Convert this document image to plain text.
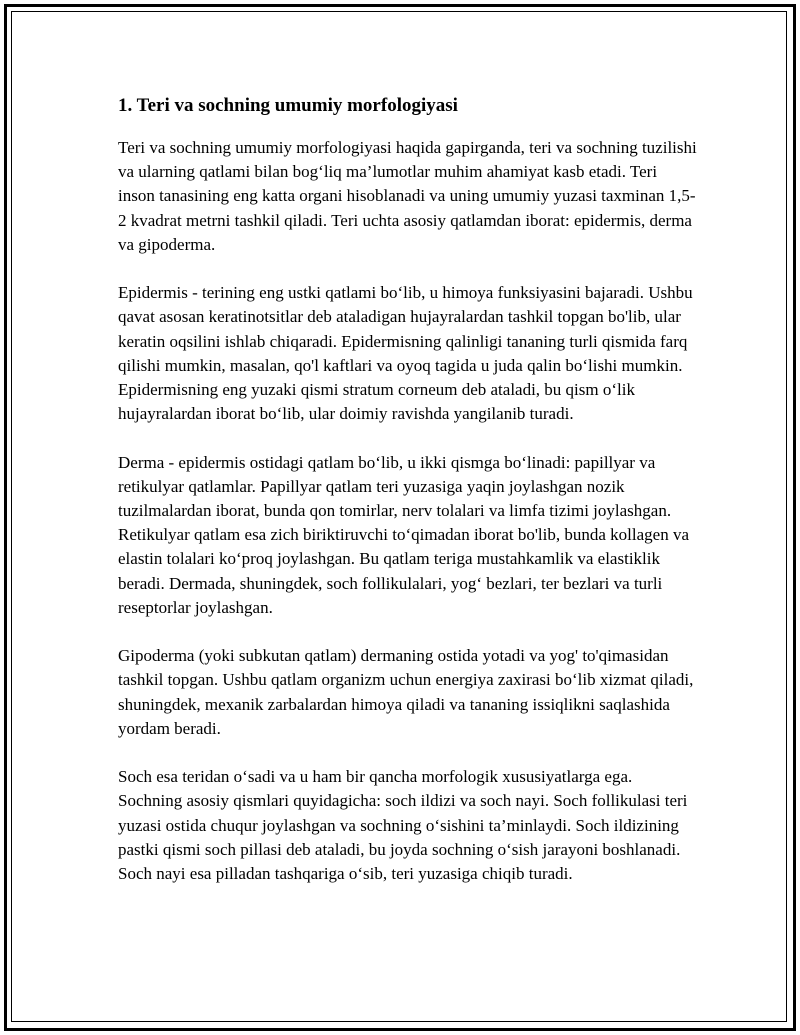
1. Teri va sochning umumiy morfologiyasi

Teri va sochning umumiy morfologiyasi haqida gapirganda, teri va sochning tuzilishi va ularning qatlami bilan bog‘liq ma’lumotlar muhim ahamiyat kasb etadi. Teri inson tanasining eng katta organi hisoblanadi va uning umumiy yuzasi taxminan 1,5-2 kvadrat metrni tashkil qiladi. Teri uchta asosiy qatlamdan iborat: epidermis, derma va gipoderma.

Epidermis - terining eng ustki qatlami bo‘lib, u himoya funksiyasini bajaradi. Ushbu qavat asosan keratinotsitlar deb ataladigan hujayralardan tashkil topgan bo'lib, ular keratin oqsilini ishlab chiqaradi. Epidermisning qalinligi tananing turli qismida farq qilishi mumkin, masalan, qo'l kaftlari va oyoq tagida u juda qalin bo‘lishi mumkin. Epidermisning eng yuzaki qismi stratum corneum deb ataladi, bu qism o‘lik hujayralardan iborat bo‘lib, ular doimiy ravishda yangilanib turadi.

Derma - epidermis ostidagi qatlam bo‘lib, u ikki qismga bo‘linadi: papillyar va retikulyar qatlamlar. Papillyar qatlam teri yuzasiga yaqin joylashgan nozik tuzilmalardan iborat, bunda qon tomirlar, nerv tolalari va limfa tizimi joylashgan. Retikulyar qatlam esa zich biriktiruvchi to‘qimadan iborat bo'lib, bunda kollagen va elastin tolalari ko‘proq joylashgan. Bu qatlam teriga mustahkamlik va elastiklik beradi. Dermada, shuningdek, soch follikulalari, yog‘ bezlari, ter bezlari va turli reseptorlar joylashgan.

Gipoderma (yoki subkutan qatlam) dermaning ostida yotadi va yog' to'qimasidan tashkil topgan. Ushbu qatlam organizm uchun energiya zaxirasi bo‘lib xizmat qiladi, shuningdek, mexanik zarbalardan himoya qiladi va tananing issiqlikni saqlashida yordam beradi.

Soch esa teridan o‘sadi va u ham bir qancha morfologik xususiyatlarga ega. Sochning asosiy qismlari quyidagicha: soch ildizi va soch nayi. Soch follikulasi teri yuzasi ostida chuqur joylashgan va sochning o‘sishini ta’minlaydi. Soch ildizining pastki qismi soch pillasi deb ataladi, bu joyda sochning o‘sish jarayoni boshlanadi. Soch nayi esa pilladan tashqariga o‘sib, teri yuzasiga chiqib turadi.
